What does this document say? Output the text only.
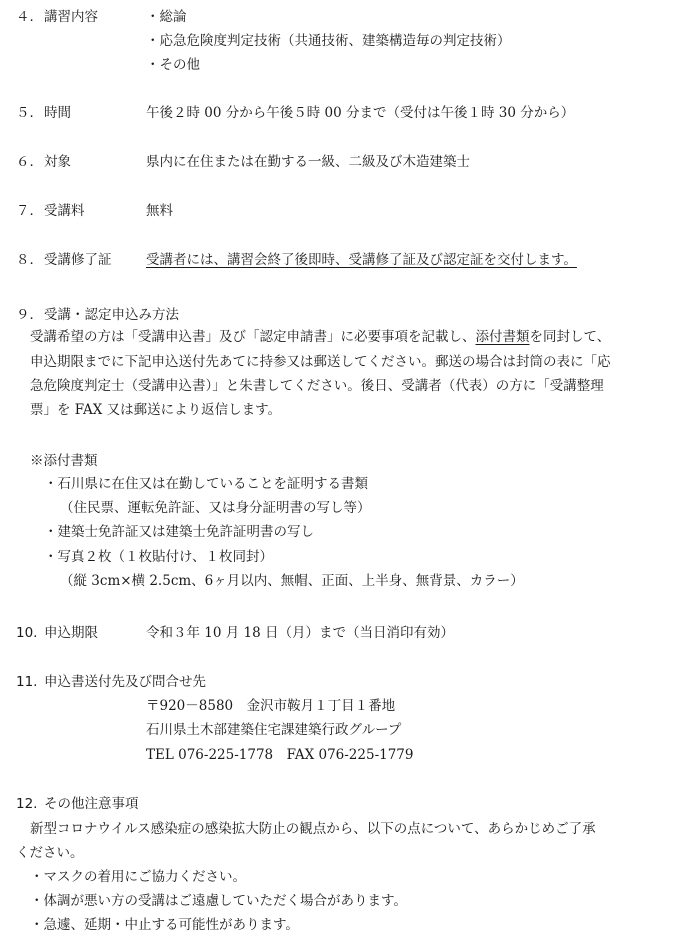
４． 講習内容	・総論
・応急危険度判定技術（共通技術、建築構造毎の判定技術）
・その他
５． 時間	午後２時 00 分から午後５時 00 分まで（受付は午後１時 30 分から）
６． 対象	県内に在住または在勤する一級、二級及び木造建築士
７． 受講料	無料
８． 受講修了証	受講者には、講習会終了後即時、受講修了証及び認定証を交付します。
９． 受講・認定申込み方法
受講希望の方は「受講申込書」及び「認定申請書」に必要事項を記載し、添付書類を同封して、
申込期限までに下記申込送付先あてに持参又は郵送してください。郵送の場合は封筒の表に「応
急危険度判定士（受講申込書）」と朱書してください。後日、受講者（代表）の方に「受講整理
票」を FAX 又は郵送により返信します。
※添付書類
・石川県に在住又は在勤していることを証明する書類
（住民票、運転免許証、又は身分証明書の写し等）
・建築士免許証又は建築士免許証明書の写し
・写真２枚（１枚貼付け、１枚同封）
（縦 3cm×横 2.5cm、6ヶ月以内、無帽、正面、上半身、無背景、カラー）
10. 申込期限	令和３年 10 月 18 日（月）まで（当日消印有効）
11. 申込書送付先及び問合せ先
〒920－8580　金沢市鞍月１丁目１番地
石川県土木部建築住宅課建築行政グループ
TEL 076-225-1778　FAX 076-225-1779
12. その他注意事項
新型コロナウイルス感染症の感染拡大防止の観点から、以下の点について、あらかじめご了承
ください。
・マスクの着用にご協力ください。
・体調が悪い方の受講はご遠慮していただく場合があります。
・急遽、延期・中止する可能性があります。
